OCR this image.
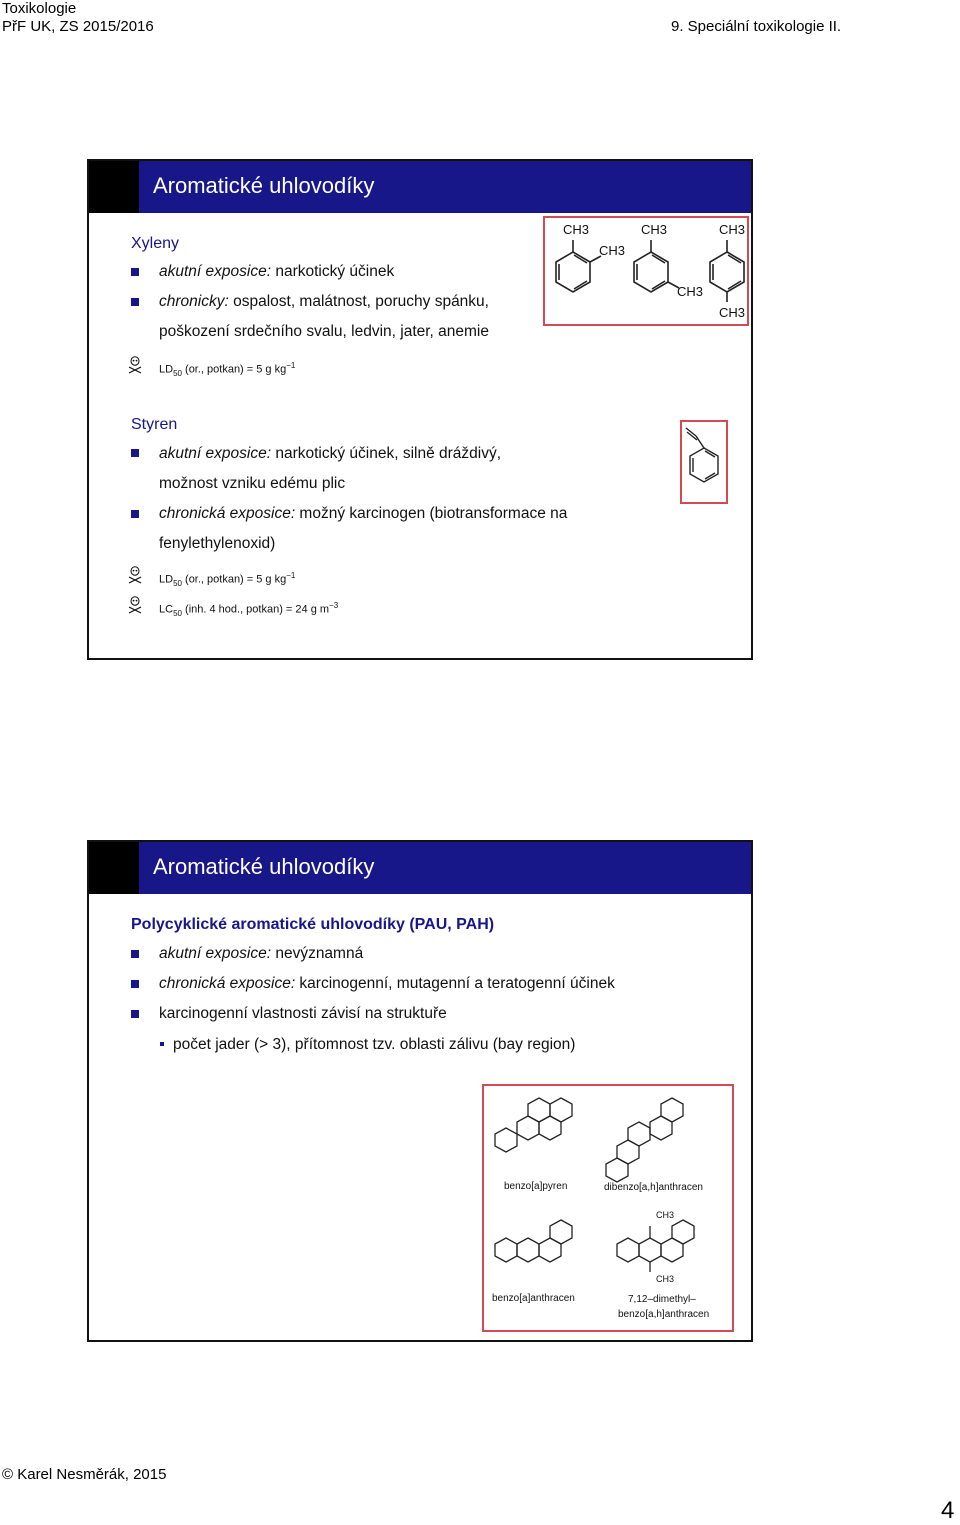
Toxikologie
PřF UK, ZS 2015/2016	9. Speciální toxikologie II.
Aromatické uhlovodíky
Xyleny
akutní exposice: narkotický účinek
chronicky: ospalost, malátnost, poruchy spánku,
poškození srdečního svalu, ledvin, jater, anemie
$LD_{50}$ (or., potkan) = 5 g $kg^{-1}$
CH3
CH3
CH3
CH3
CH3
CH3
Styren
akutní exposice: narkotický účinek, silně dráždivý,
možnost vzniku edému plic
chronická exposice: možný karcinogen (biotransformace na
fenylethylenoxid)
$LD_{50}$ (or., potkan) = 5 g $kg^{-1}$
$LC_{50}$ (inh. 4 hod., potkan) = 24 g $m^{-3}$
Aromatické uhlovodíky
Polycyklické aromatické uhlovodíky (PAU, PAH)
akutní exposice: nevýznamná
chronická exposice: karcinogenní, mutagenní a teratogenní účinek
karcinogenní vlastnosti závisí na struktuře
počet jader (> 3), přítomnost tzv. oblasti zálivu (bay region)
benzo[a]pyren	dibenzo[a,h]anthracen
CH3
CH3
benzo[a]anthracen	7,12–dimethyl–
benzo[a,h]anthracen
© Karel Nesměrák, 2015
4
